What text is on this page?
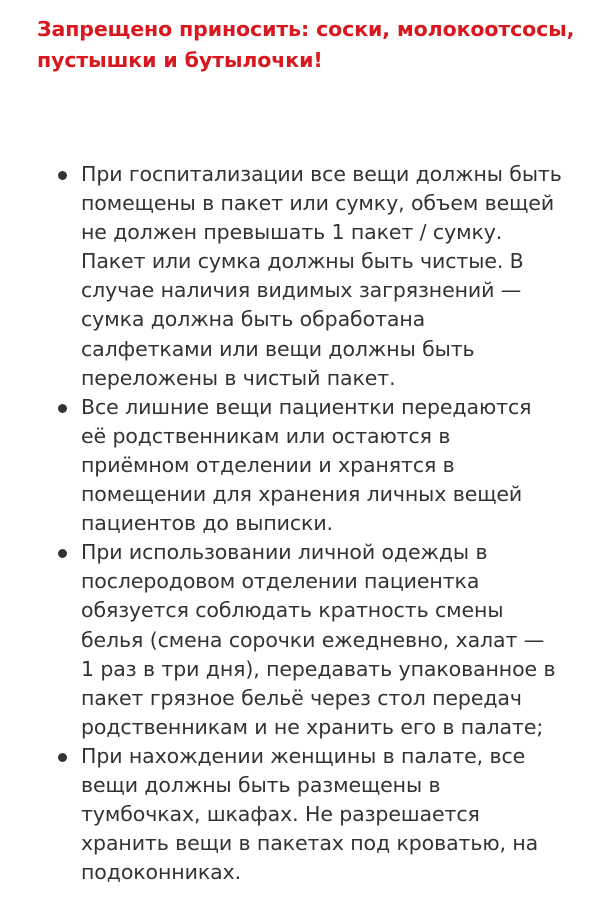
Запрещено приносить: соски, молокоотсосы, пустышки и бутылочки!

При госпитализации все вещи должны быть помещены в пакет или сумку, объем вещей не должен превышать 1 пакет / сумку. Пакет или сумка должны быть чистые. В случае наличия видимых загрязнений — сумка должна быть обработана салфетками или вещи должны быть переложены в чистый пакет.
Все лишние вещи пациентки передаются её родственникам или остаются в приёмном отделении и хранятся в помещении для хранения личных вещей пациентов до выписки.
При использовании личной одежды в послеродовом отделении пациентка обязуется соблюдать кратность смены белья (смена сорочки ежедневно, халат — 1 раз в три дня), передавать упакованное в пакет грязное бельё через стол передач родственникам и не хранить его в палате;
При нахождении женщины в палате, все вещи должны быть размещены в тумбочках, шкафах. Не разрешается хранить вещи в пакетах под кроватью, на подоконниках.
